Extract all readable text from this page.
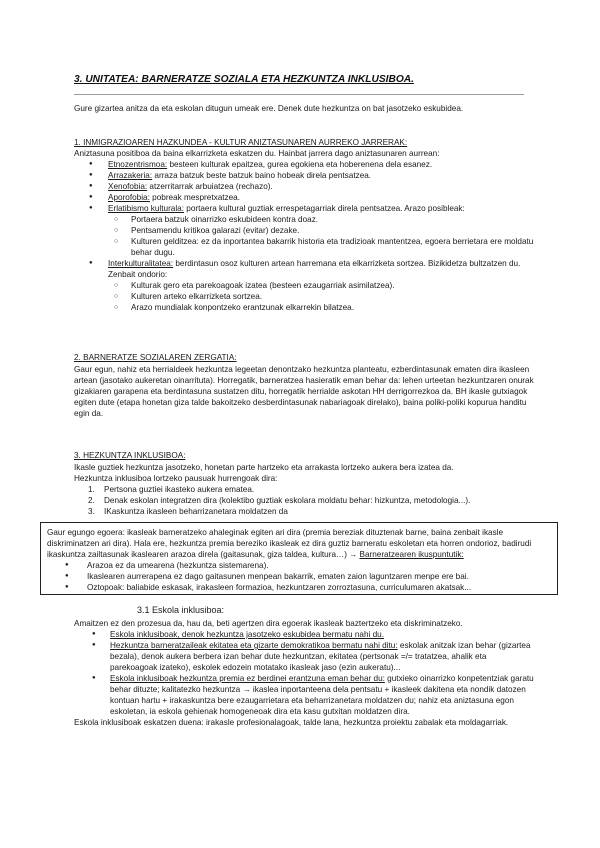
3. UNITATEA: BARNERATZE SOZIALA ETA HEZKUNTZA INKLUSIBOA.
Gure gizartea anitza da eta eskolan ditugun umeak ere. Denek dute hezkuntza on bat jasotzeko eskubidea.
1. INMIGRAZIOAREN HAZKUNDEA - KULTUR ANIZTASUNAREN AURREKO JARRERAK:
Aniztasuna positiboa da baina elkarrizketa eskatzen du. Hainbat jarrera dago aniztasunaren aurrean:
● Etnozentrismoa: besteen kulturak epaitzea, gurea egokiena eta hoberenena dela esanez.
● Arrazakeria: arraza batzuk beste batzuk baino hobeak direla pentsatzea.
● Xenofobia: atzerritarrak arbuiatzea (rechazo).
● Aporofobia: pobreak mespretxatzea.
● Erlatibismo kulturala: portaera kultural guztiak errespetagarriak direla pentsatzea. Arazo posibleak:
○ Portaera batzuk oinarrizko eskubideen kontra doaz.
○ Pentsamendu kritikoa galarazi (evitar) dezake.
○ Kulturen gelditzea: ez da inportantea bakarrik historia eta tradizioak mantentzea, egoera berrietara ere moldatu behar dugu.
● Interkulturalitatea: berdintasun osoz kulturen artean harremana eta elkarrizketa sortzea. Bizikidetza bultzatzen du. Zenbait ondorio:
○ Kulturak gero eta parekoagoak izatea (besteen ezaugarriak asimilatzea).
○ Kulturen arteko elkarrizketa sortzea.
○ Arazo mundialak konpontzeko erantzunak elkarrekin bilatzea.
2. BARNERATZE SOZIALAREN ZERGATIA:
Gaur egun, nahiz eta herrialdeek hezkuntza legeetan denontzako hezkuntza planteatu, ezberdintasunak ematen dira ikasleen artean (jasotako aukeretan oinarrituta). Horregatik, barneratzea hasieratik eman behar da: lehen urteetan hezkuntzaren onurak gizakiaren garapena eta berdintasuna sustatzen ditu, horregatik herrialde askotan HH derrigorrezkoa da. BH ikasle gutxiagok egiten dute (etapa honetan giza talde bakoitzeko desberdintasunak nabariagoak direlako), baina poliki-poliki kopurua handitu egin da.
3. HEZKUNTZA INKLUSIBOA:
Ikasle guztiek hezkuntza jasotzeko, honetan parte hartzeko eta arrakasta lortzeko aukera bera izatea da.
Hezkuntza inklusiboa lortzeko pausuak hurrengoak dira:
1. Pertsona guztiei ikasteko aukera ematea.
2. Denak eskolan integratzen dira (kolektibo guztiak eskolara moldatu behar: hizkuntza, metodologia...).
3. IKaskuntza ikasleen beharrizanetara moldatzen da
Gaur egungo egoera: ikasleak barneratzeko ahaleginak egiten ari dira (premia bereziak dituztenak barne, baina zenbait ikasle diskriminatzen ari dira). Hala ere, hezkuntza premia bereziko ikasleak ez dira guztiz barneratu eskoletan eta horren ondorioz, badirudi ikaskuntza zailtasunak ikaslearen arazoa direla (gaitasunak, giza taldea, kultura…) → Barneratzearen ikuspuntutik:
● Arazoa ez da umearena (hezkuntza sistemarena).
● Ikaslearen aurrerapena ez dago gaitasunen menpean bakarrik, ematen zaion laguntzaren menpe ere bai.
● Oztopoak: baliabide eskasak, irakasleen formazioa, hezkuntzaren zorroztasuna, curriculumaren akatsak...
3.1 Eskola inklusiboa:
Amaitzen ez den prozesua da, hau da, beti agertzen dira egoerak ikasleak baztertzeko eta diskriminatzeko.
● Eskola inklusiboak, denok hezkuntza jasotzeko eskubidea bermatu nahi du.
● Hezkuntza barneratzaileak ekitatea eta gizarte demokratikoa bermatu nahi ditu: eskolak anitzak izan behar (gizartea bezala), denok aukera berbera izan behar dute hezkuntzan, ekitatea (pertsonak =/= tratatzea, ahalik eta parekoagoak izateko), eskolek edozein motatako ikasleak jaso (ezin aukeratu)...
● Eskola inklusiboak hezkuntza premia ez berdinei erantzuna eman behar du: gutxieko oinarrizko konpetentziak garatu behar dituzte; kalitatezko hezkuntza → ikaslea inportanteena dela pentsatu + ikasleek dakitena eta nondik datozen kontuan hartu + irakaskuntza bere ezaugarrietara eta beharrizanetara moldatzen du; nahiz eta aniztasuna egon eskoletan, ia eskola gehienak homogeneoak dira eta kasu gutxitan moldatzen dira.
Eskola inklusiboak eskatzen duena: irakasle profesionalagoak, talde lana, hezkuntza proiektu zabalak eta moldagarriak.
